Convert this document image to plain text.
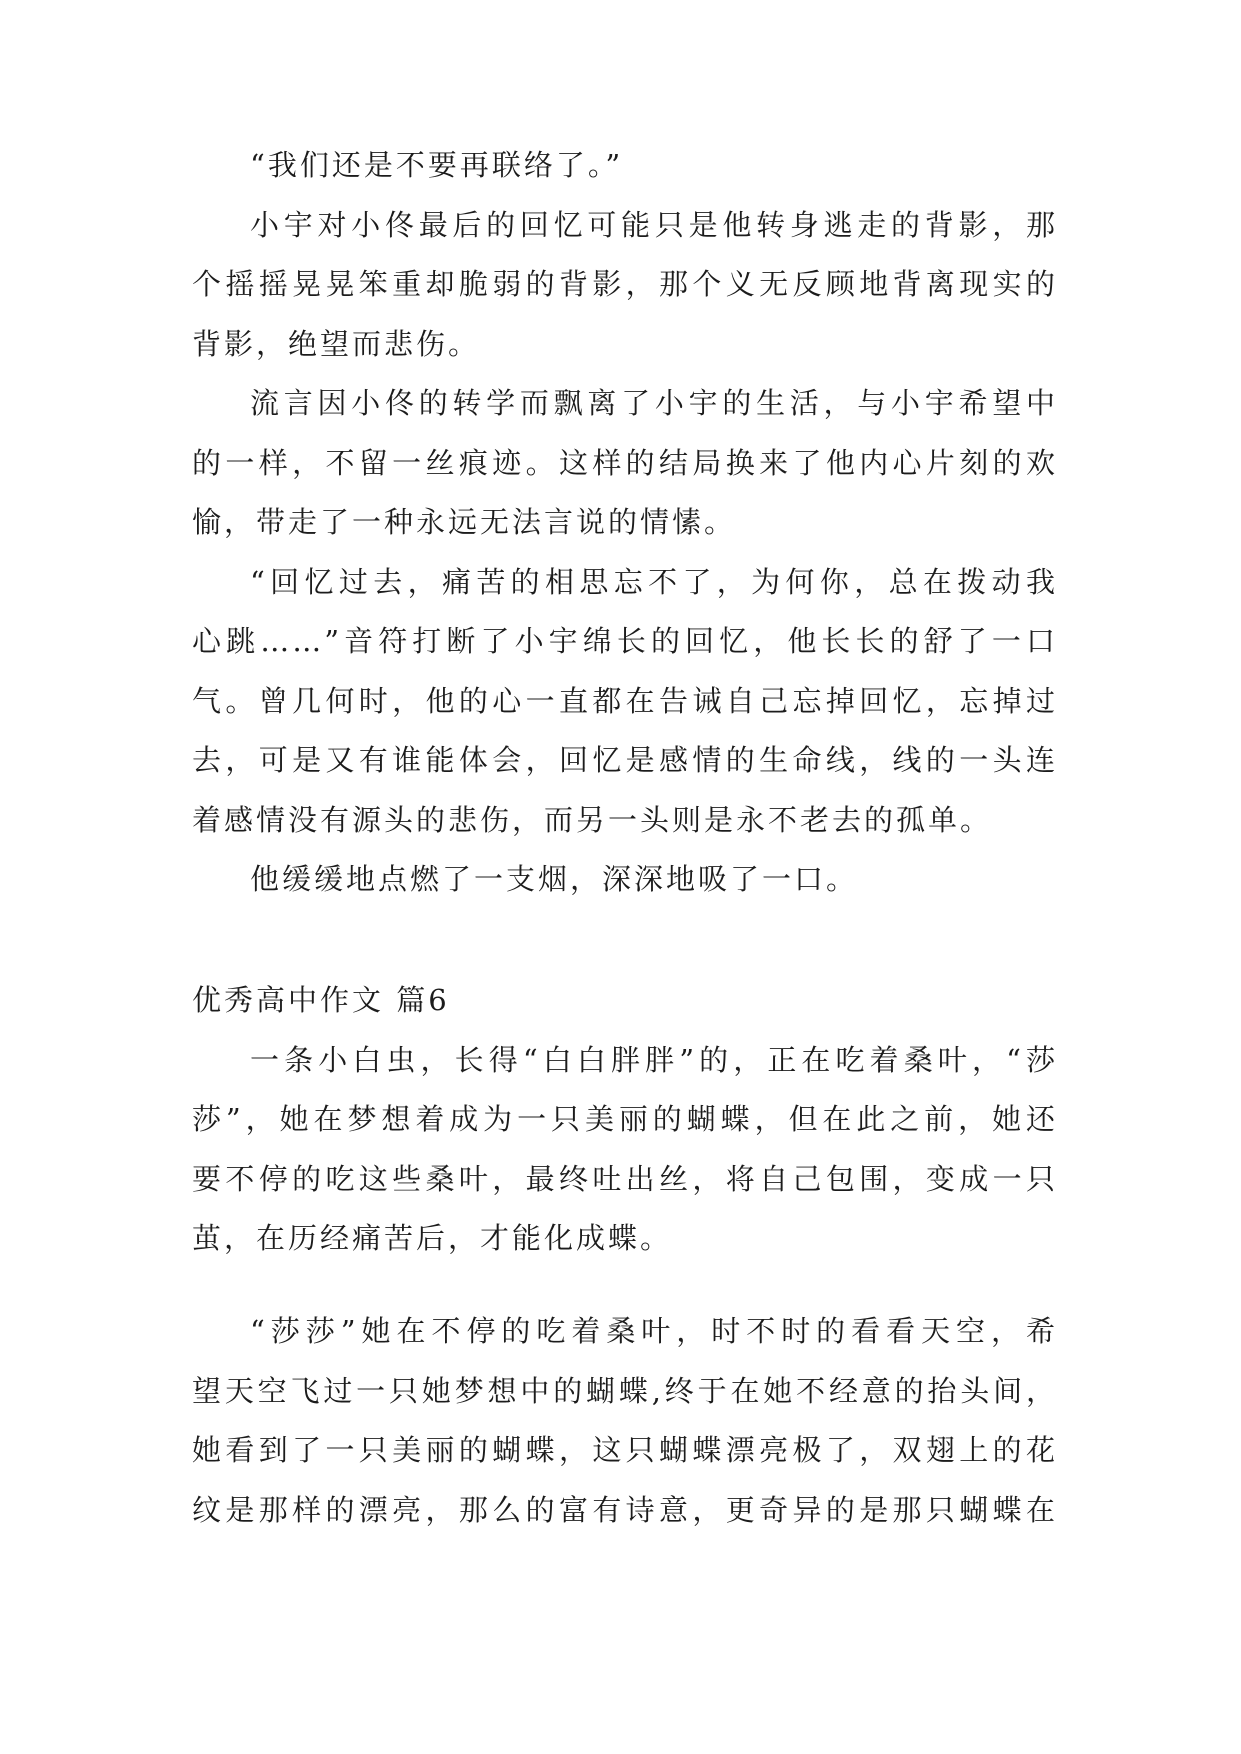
“我们还是不要再联络了。”

小宇对小佟最后的回忆可能只是他转身逃走的背影，那
个摇摇晃晃笨重却脆弱的背影，那个义无反顾地背离现实的
背影，绝望而悲伤。

流言因小佟的转学而飘离了小宇的生活，与小宇希望中
的一样，不留一丝痕迹。这样的结局换来了他内心片刻的欢
愉，带走了一种永远无法言说的情愫。

“回忆过去，痛苦的相思忘不了，为何你，总在拨动我
心跳……”音符打断了小宇绵长的回忆，他长长的舒了一口
气。曾几何时，他的心一直都在告诫自己忘掉回忆，忘掉过
去，可是又有谁能体会，回忆是感情的生命线，线的一头连
着感情没有源头的悲伤，而另一头则是永不老去的孤单。

他缓缓地点燃了一支烟，深深地吸了一口。

优秀高中作文 篇6

一条小白虫，长得“白白胖胖”的，正在吃着桑叶，“莎
莎”，她在梦想着成为一只美丽的蝴蝶，但在此之前，她还
要不停的吃这些桑叶，最终吐出丝，将自己包围，变成一只
茧，在历经痛苦后，才能化成蝶。

“莎莎”她在不停的吃着桑叶，时不时的看看天空，希
望天空飞过一只她梦想中的蝴蝶,终于在她不经意的抬头间，
她看到了一只美丽的蝴蝶，这只蝴蝶漂亮极了，双翅上的花
纹是那样的漂亮，那么的富有诗意，更奇异的是那只蝴蝶在
